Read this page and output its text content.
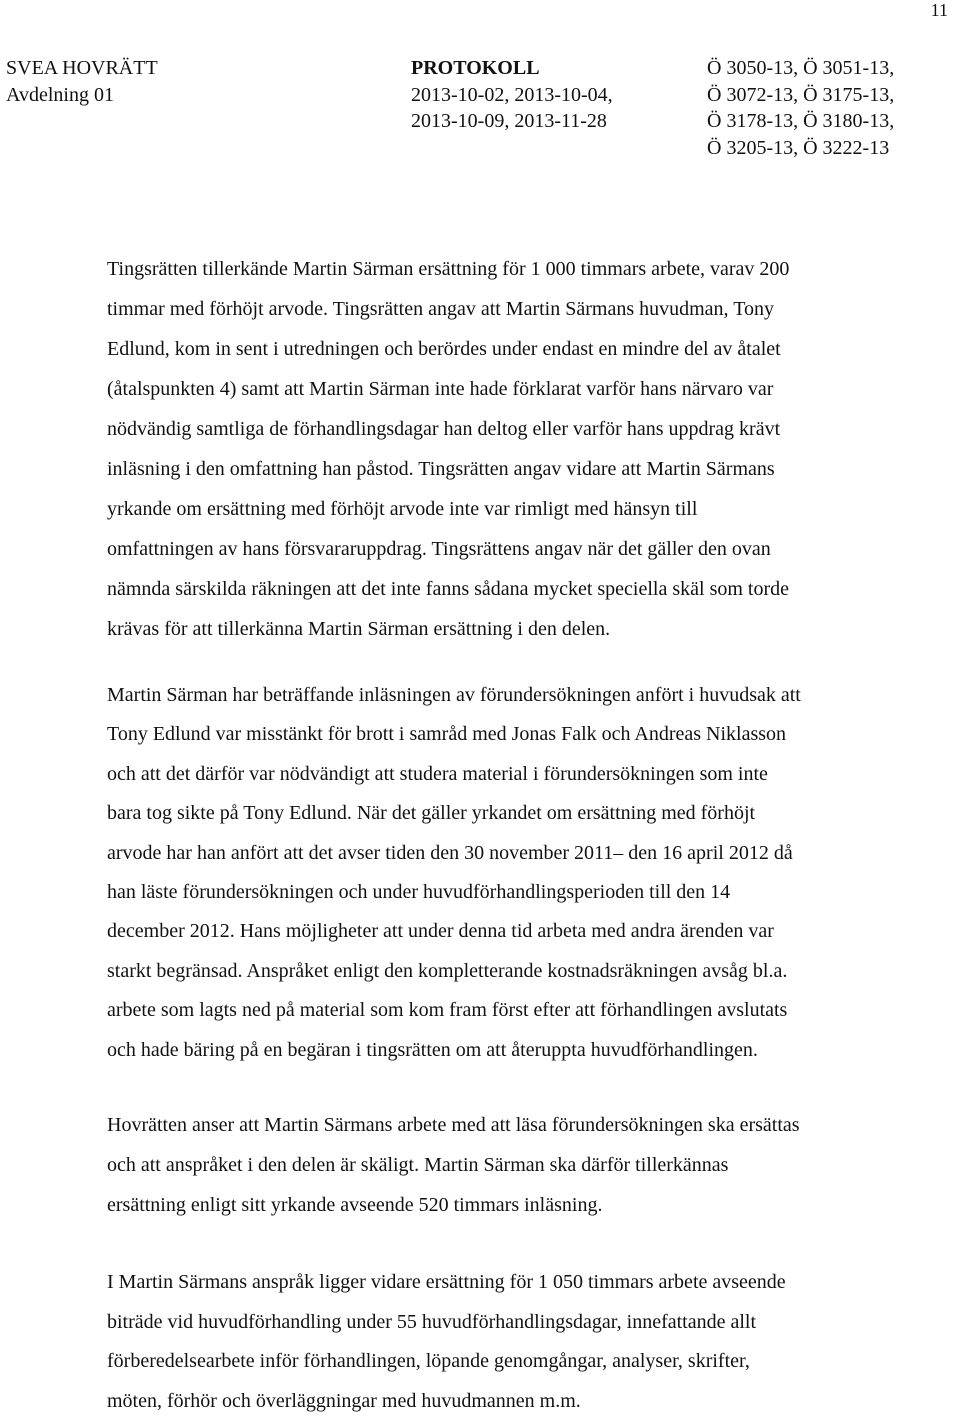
11
SVEA HOVRÄTT
Avdelning 01
PROTOKOLL
2013-10-02, 2013-10-04,
2013-10-09, 2013-11-28
Ö 3050-13, Ö 3051-13,
Ö 3072-13, Ö 3175-13,
Ö 3178-13, Ö 3180-13,
Ö 3205-13, Ö 3222-13

Tingsrätten tillerkände Martin Särman ersättning för 1 000 timmars arbete, varav 200
timmar med förhöjt arvode. Tingsrätten angav att Martin Särmans huvudman, Tony
Edlund, kom in sent i utredningen och berördes under endast en mindre del av åtalet
(åtalspunkten 4) samt att Martin Särman inte hade förklarat varför hans närvaro var
nödvändig samtliga de förhandlingsdagar han deltog eller varför hans uppdrag krävt
inläsning i den omfattning han påstod. Tingsrätten angav vidare att Martin Särmans
yrkande om ersättning med förhöjt arvode inte var rimligt med hänsyn till
omfattningen av hans försvararuppdrag. Tingsrättens angav när det gäller den ovan
nämnda särskilda räkningen att det inte fanns sådana mycket speciella skäl som torde
krävas för att tillerkänna Martin Särman ersättning i den delen.

Martin Särman har beträffande inläsningen av förundersökningen anfört i huvudsak att
Tony Edlund var misstänkt för brott i samråd med Jonas Falk och Andreas Niklasson
och att det därför var nödvändigt att studera material i förundersökningen som inte
bara tog sikte på Tony Edlund. När det gäller yrkandet om ersättning med förhöjt
arvode har han anfört att det avser tiden den 30 november 2011– den 16 april 2012 då
han läste förundersökningen och under huvudförhandlingsperioden till den 14
december 2012. Hans möjligheter att under denna tid arbeta med andra ärenden var
starkt begränsad. Anspråket enligt den kompletterande kostnadsräkningen avsåg bl.a.
arbete som lagts ned på material som kom fram först efter att förhandlingen avslutats
och hade bäring på en begäran i tingsrätten om att återuppta huvudförhandlingen.

Hovrätten anser att Martin Särmans arbete med att läsa förundersökningen ska ersättas
och att anspråket i den delen är skäligt. Martin Särman ska därför tillerkännas
ersättning enligt sitt yrkande avseende 520 timmars inläsning.

I Martin Särmans anspråk ligger vidare ersättning för 1 050 timmars arbete avseende
biträde vid huvudförhandling under 55 huvudförhandlingsdagar, innefattande allt
förberedelsearbete inför förhandlingen, löpande genomgångar, analyser, skrifter,
möten, förhör och överläggningar med huvudmannen m.m.
